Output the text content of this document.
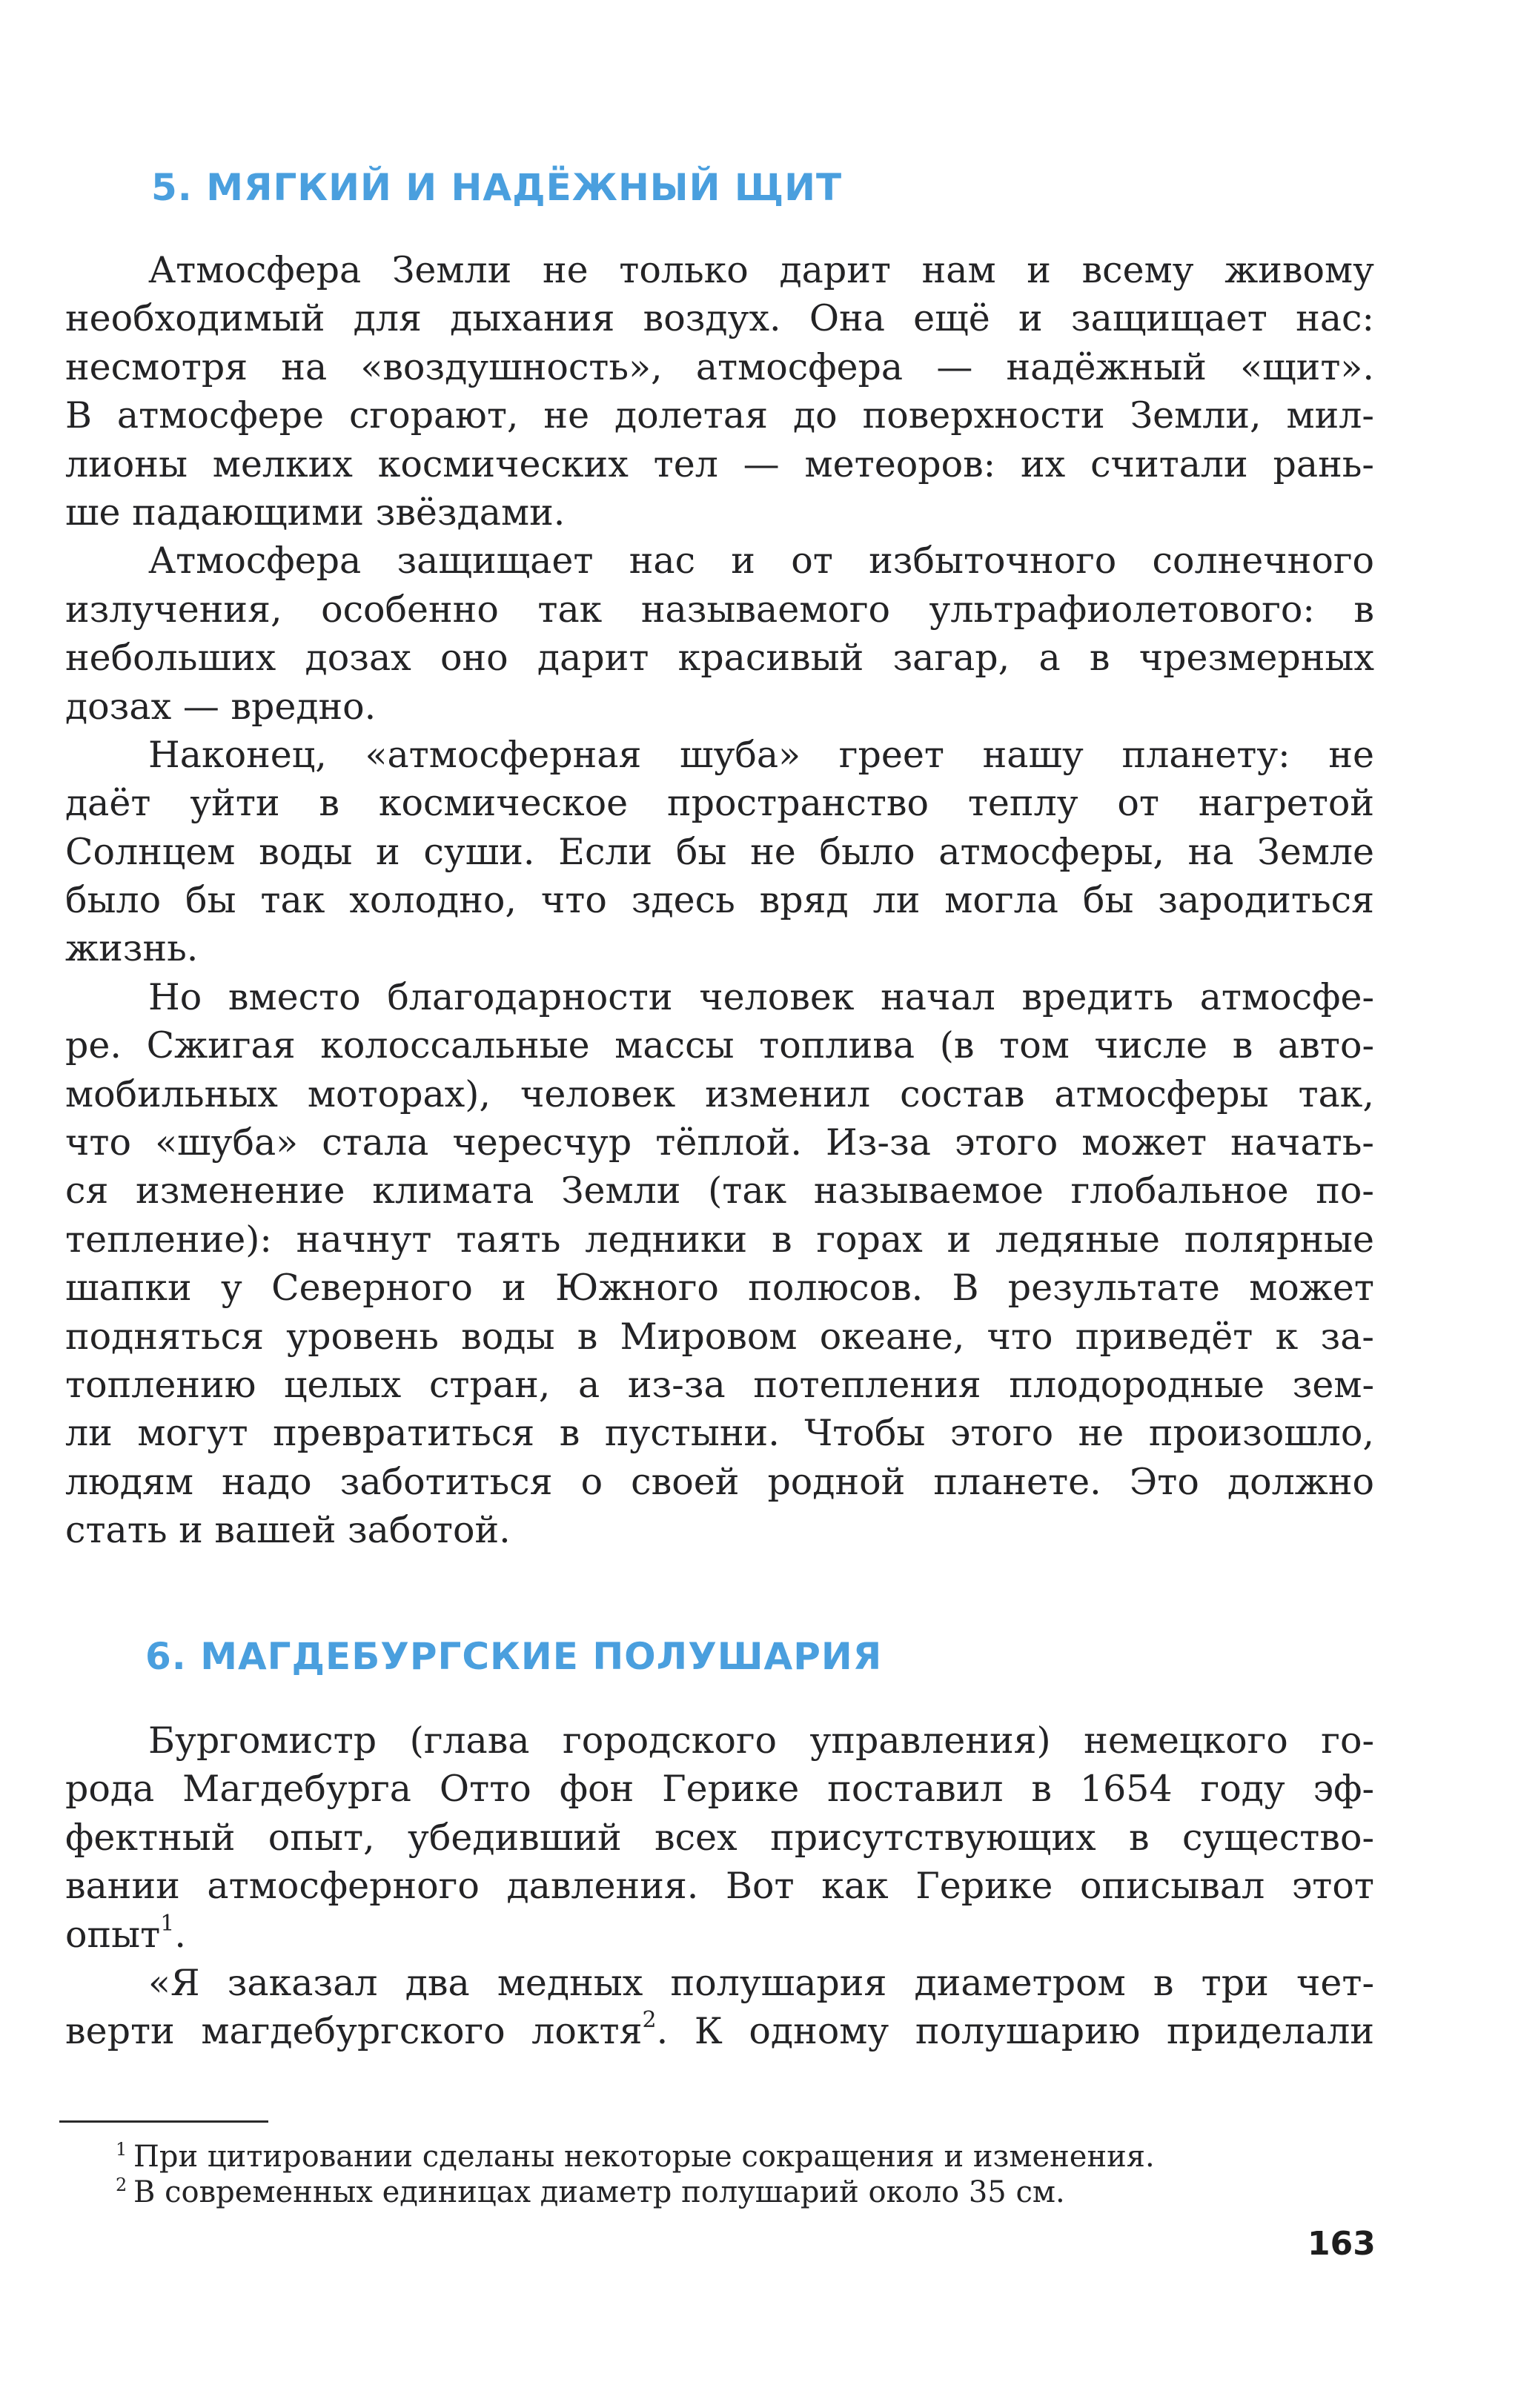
5. МЯГКИЙ И НАДЁЖНЫЙ ЩИТ
Атмосфера Земли не только дарит нам и всему живому
необходимый для дыхания воздух. Она ещё и защищает нас:
несмотря на «воздушность», атмосфера — надёжный «щит».
В атмосфере сгорают, не долетая до поверхности Земли, мил-
лионы мелких космических тел — метеоров: их считали рань-
ше падающими звёздами.
Атмосфера защищает нас и от избыточного солнечного
излучения, особенно так называемого ультрафиолетового: в
небольших дозах оно дарит красивый загар, а в чрезмерных
дозах — вредно.
Наконец, «атмосферная шуба» греет нашу планету: не
даёт уйти в космическое пространство теплу от нагретой
Солнцем воды и суши. Если бы не было атмосферы, на Земле
было бы так холодно, что здесь вряд ли могла бы зародиться
жизнь.
Но вместо благодарности человек начал вредить атмосфе-
ре. Сжигая колоссальные массы топлива (в том числе в авто-
мобильных моторах), человек изменил состав атмосферы так,
что «шуба» стала чересчур тёплой. Из-за этого может начать-
ся изменение климата Земли (так называемое глобальное по-
тепление): начнут таять ледники в горах и ледяные полярные
шапки у Северного и Южного полюсов. В результате может
подняться уровень воды в Мировом океане, что приведёт к за-
топлению целых стран, а из-за потепления плодородные зем-
ли могут превратиться в пустыни. Чтобы этого не произошло,
людям надо заботиться о своей родной планете. Это должно
стать и вашей заботой.
6. МАГДЕБУРГСКИЕ ПОЛУШАРИЯ
Бургомистр (глава городского управления) немецкого го-
рода Магдебурга Отто фон Герике поставил в 1654 году эф-
фектный опыт, убедивший всех присутствующих в существо-
вании атмосферного давления. Вот как Герике описывал этот
опыт$^1$.
«Я заказал два медных полушария диаметром в три чет-
верти магдебургского локтя$^2$. К одному полушарию приделали
1 При цитировании сделаны некоторые сокращения и изменения.
2 В современных единицах диаметр полушарий около 35 см.
163
